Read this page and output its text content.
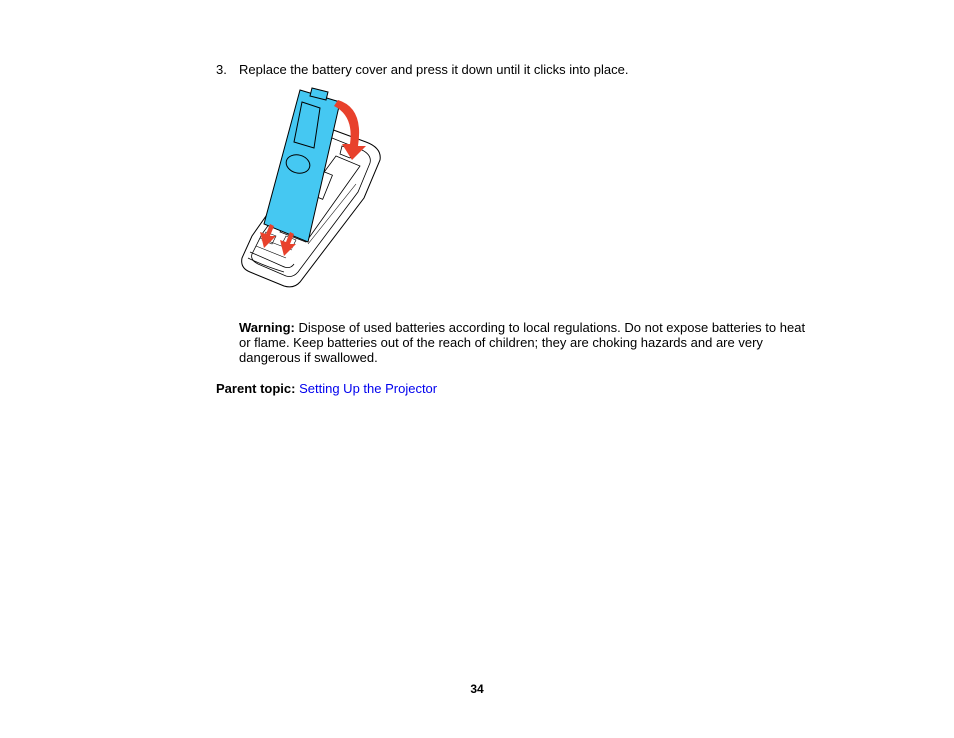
3. Replace the battery cover and press it down until it clicks into place.
Warning: Dispose of used batteries according to local regulations. Do not expose batteries to heat or flame. Keep batteries out of the reach of children; they are choking hazards and are very dangerous if swallowed.
Parent topic: Setting Up the Projector
34
